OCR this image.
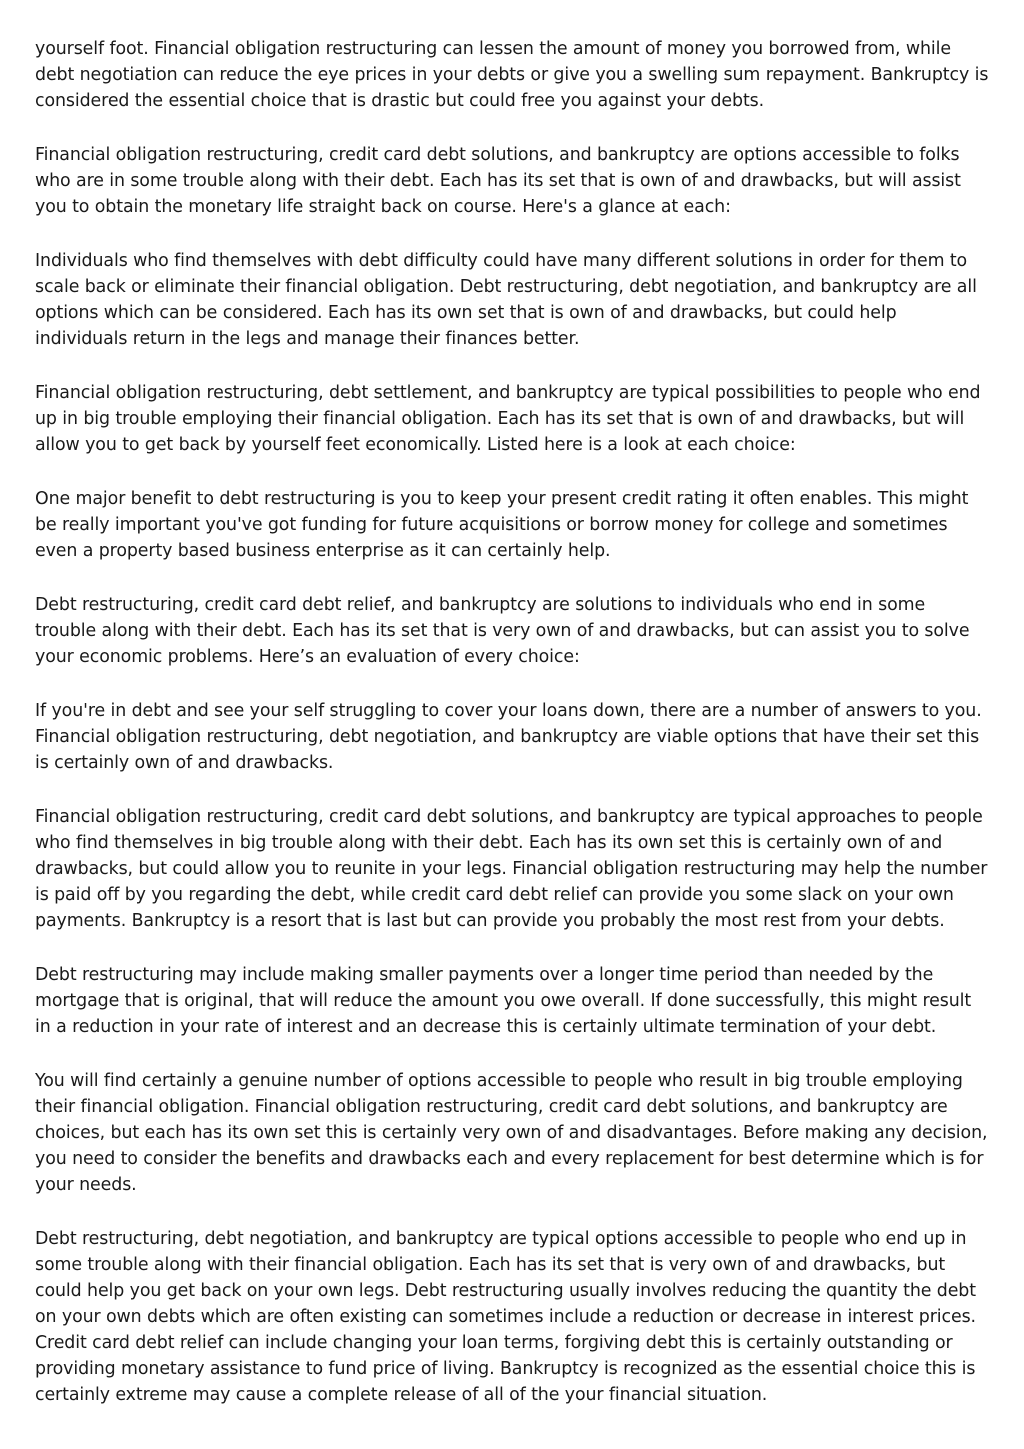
yourself foot. Financial obligation restructuring can lessen the amount of money you borrowed from, while debt negotiation can reduce the eye prices in your debts or give you a swelling sum repayment. Bankruptcy is considered the essential choice that is drastic but could free you against your debts.

Financial obligation restructuring, credit card debt solutions, and bankruptcy are options accessible to folks who are in some trouble along with their debt. Each has its set that is own of and drawbacks, but will assist you to obtain the monetary life straight back on course. Here's a glance at each:

Individuals who find themselves with debt difficulty could have many different solutions in order for them to scale back or eliminate their financial obligation. Debt restructuring, debt negotiation, and bankruptcy are all options which can be considered. Each has its own set that is own of and drawbacks, but could help individuals return in the legs and manage their finances better.

Financial obligation restructuring, debt settlement, and bankruptcy are typical possibilities to people who end up in big trouble employing their financial obligation. Each has its set that is own of and drawbacks, but will allow you to get back by yourself feet economically. Listed here is a look at each choice:

One major benefit to debt restructuring is you to keep your present credit rating it often enables. This might be really important you've got funding for future acquisitions or borrow money for college and sometimes even a property based business enterprise as it can certainly help.

Debt restructuring, credit card debt relief, and bankruptcy are solutions to individuals who end in some trouble along with their debt. Each has its set that is very own of and drawbacks, but can assist you to solve your economic problems. Here’s an evaluation of every choice:

If you're in debt and see your self struggling to cover your loans down, there are a number of answers to you. Financial obligation restructuring, debt negotiation, and bankruptcy are viable options that have their set this is certainly own of and drawbacks.

Financial obligation restructuring, credit card debt solutions, and bankruptcy are typical approaches to people who find themselves in big trouble along with their debt. Each has its own set this is certainly own of and drawbacks, but could allow you to reunite in your legs. Financial obligation restructuring may help the number is paid off by you regarding the debt, while credit card debt relief can provide you some slack on your own payments. Bankruptcy is a resort that is last but can provide you probably the most rest from your debts.

Debt restructuring may include making smaller payments over a longer time period than needed by the mortgage that is original, that will reduce the amount you owe overall. If done successfully, this might result in a reduction in your rate of interest and an decrease this is certainly ultimate termination of your debt.

You will find certainly a genuine number of options accessible to people who result in big trouble employing their financial obligation. Financial obligation restructuring, credit card debt solutions, and bankruptcy are choices, but each has its own set this is certainly very own of and disadvantages. Before making any decision, you need to consider the benefits and drawbacks each and every replacement for best determine which is for your needs.

Debt restructuring, debt negotiation, and bankruptcy are typical options accessible to people who end up in some trouble along with their financial obligation. Each has its set that is very own of and drawbacks, but could help you get back on your own legs. Debt restructuring usually involves reducing the quantity the debt on your own debts which are often existing can sometimes include a reduction or decrease in interest prices. Credit card debt relief can include changing your loan terms, forgiving debt this is certainly outstanding or providing monetary assistance to fund price of living. Bankruptcy is recognized as the essential choice this is certainly extreme may cause a complete release of all of the your financial situation.
